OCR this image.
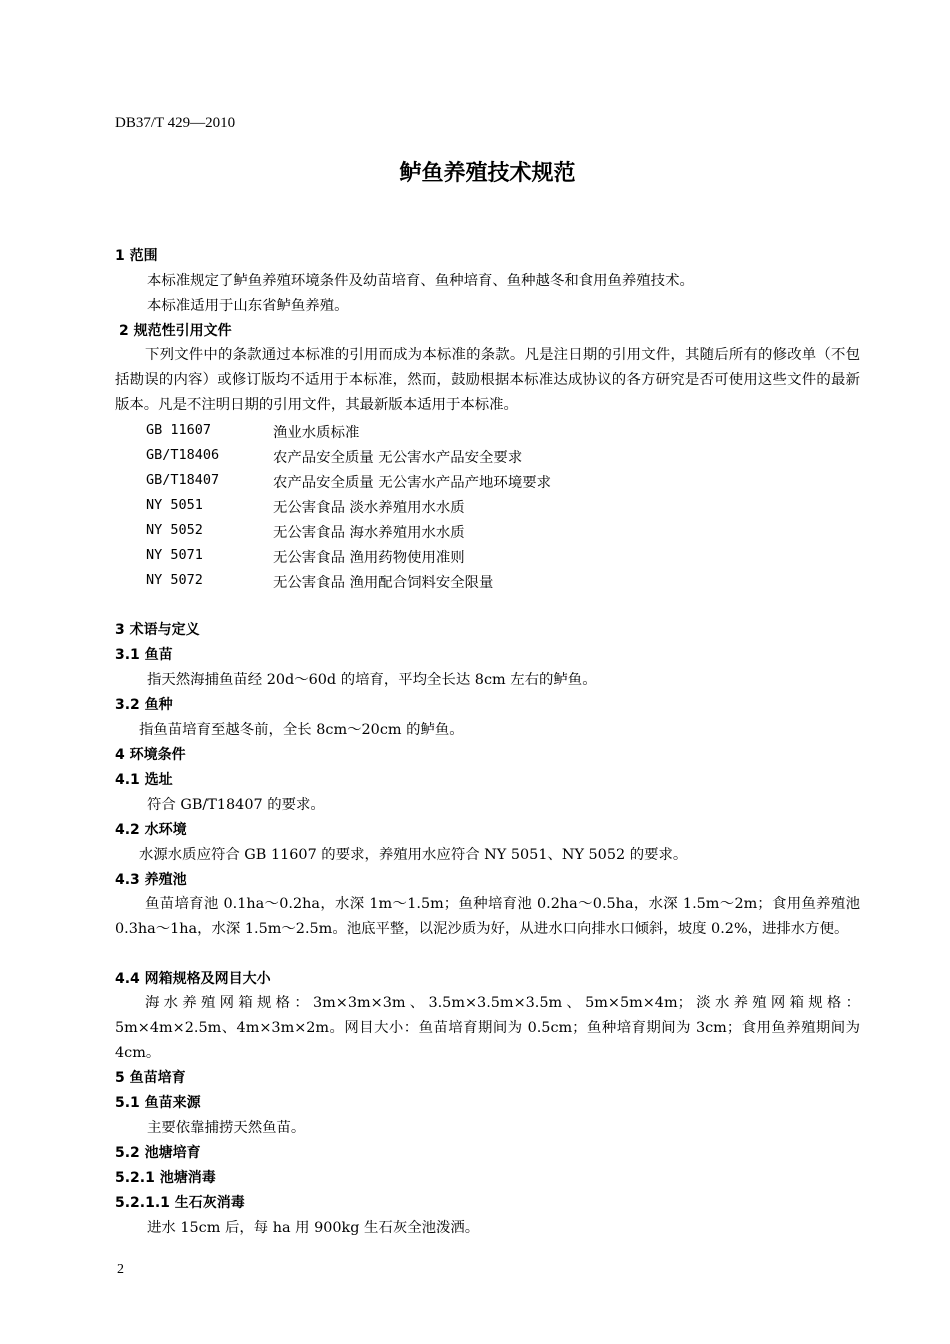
DB37/T 429—2010
鲈鱼养殖技术规范
1 范围
本标准规定了鲈鱼养殖环境条件及幼苗培育、鱼种培育、鱼种越冬和食用鱼养殖技术。
本标准适用于山东省鲈鱼养殖。
2 规范性引用文件
下列文件中的条款通过本标准的引用而成为本标准的条款。凡是注日期的引用文件，其随后所有的修改单（不包括勘误的内容）或修订版均不适用于本标准，然而，鼓励根据本标准达成协议的各方研究是否可使用这些文件的最新版本。凡是不注明日期的引用文件，其最新版本适用于本标准。
GB 11607	渔业水质标准
GB/T18406	农产品安全质量 无公害水产品安全要求
GB/T18407	农产品安全质量 无公害水产品产地环境要求
NY 5051	无公害食品 淡水养殖用水水质
NY 5052	无公害食品 海水养殖用水水质
NY 5071	无公害食品 渔用药物使用准则
NY 5072	无公害食品 渔用配合饲料安全限量
3 术语与定义
3.1 鱼苗
指天然海捕鱼苗经 20d～60d 的培育，平均全长达 8cm 左右的鲈鱼。
3.2 鱼种
指鱼苗培育至越冬前，全长 8cm～20cm 的鲈鱼。
4 环境条件
4.1 选址
符合 GB/T18407 的要求。
4.2 水环境
水源水质应符合 GB 11607 的要求，养殖用水应符合 NY 5051、NY 5052 的要求。
4.3 养殖池
鱼苗培育池 0.1ha～0.2ha，水深 1m～1.5m；鱼种培育池 0.2ha～0.5ha，水深 1.5m～2m；食用鱼养殖池 0.3ha～1ha，水深 1.5m～2.5m。池底平整，以泥沙质为好，从进水口向排水口倾斜，坡度 0.2%，进排水方便。
4.4 网箱规格及网目大小
海水养殖网箱规格：3m×3m×3m、3.5m×3.5m×3.5m、5m×5m×4m；淡水养殖网箱规格：5m×4m×2.5m、4m×3m×2m。网目大小：鱼苗培育期间为 0.5cm；鱼种培育期间为 3cm；食用鱼养殖期间为 4cm。
5 鱼苗培育
5.1 鱼苗来源
主要依靠捕捞天然鱼苗。
5.2 池塘培育
5.2.1 池塘消毒
5.2.1.1 生石灰消毒
进水 15cm 后，每 ha 用 900kg 生石灰全池泼洒。
2
